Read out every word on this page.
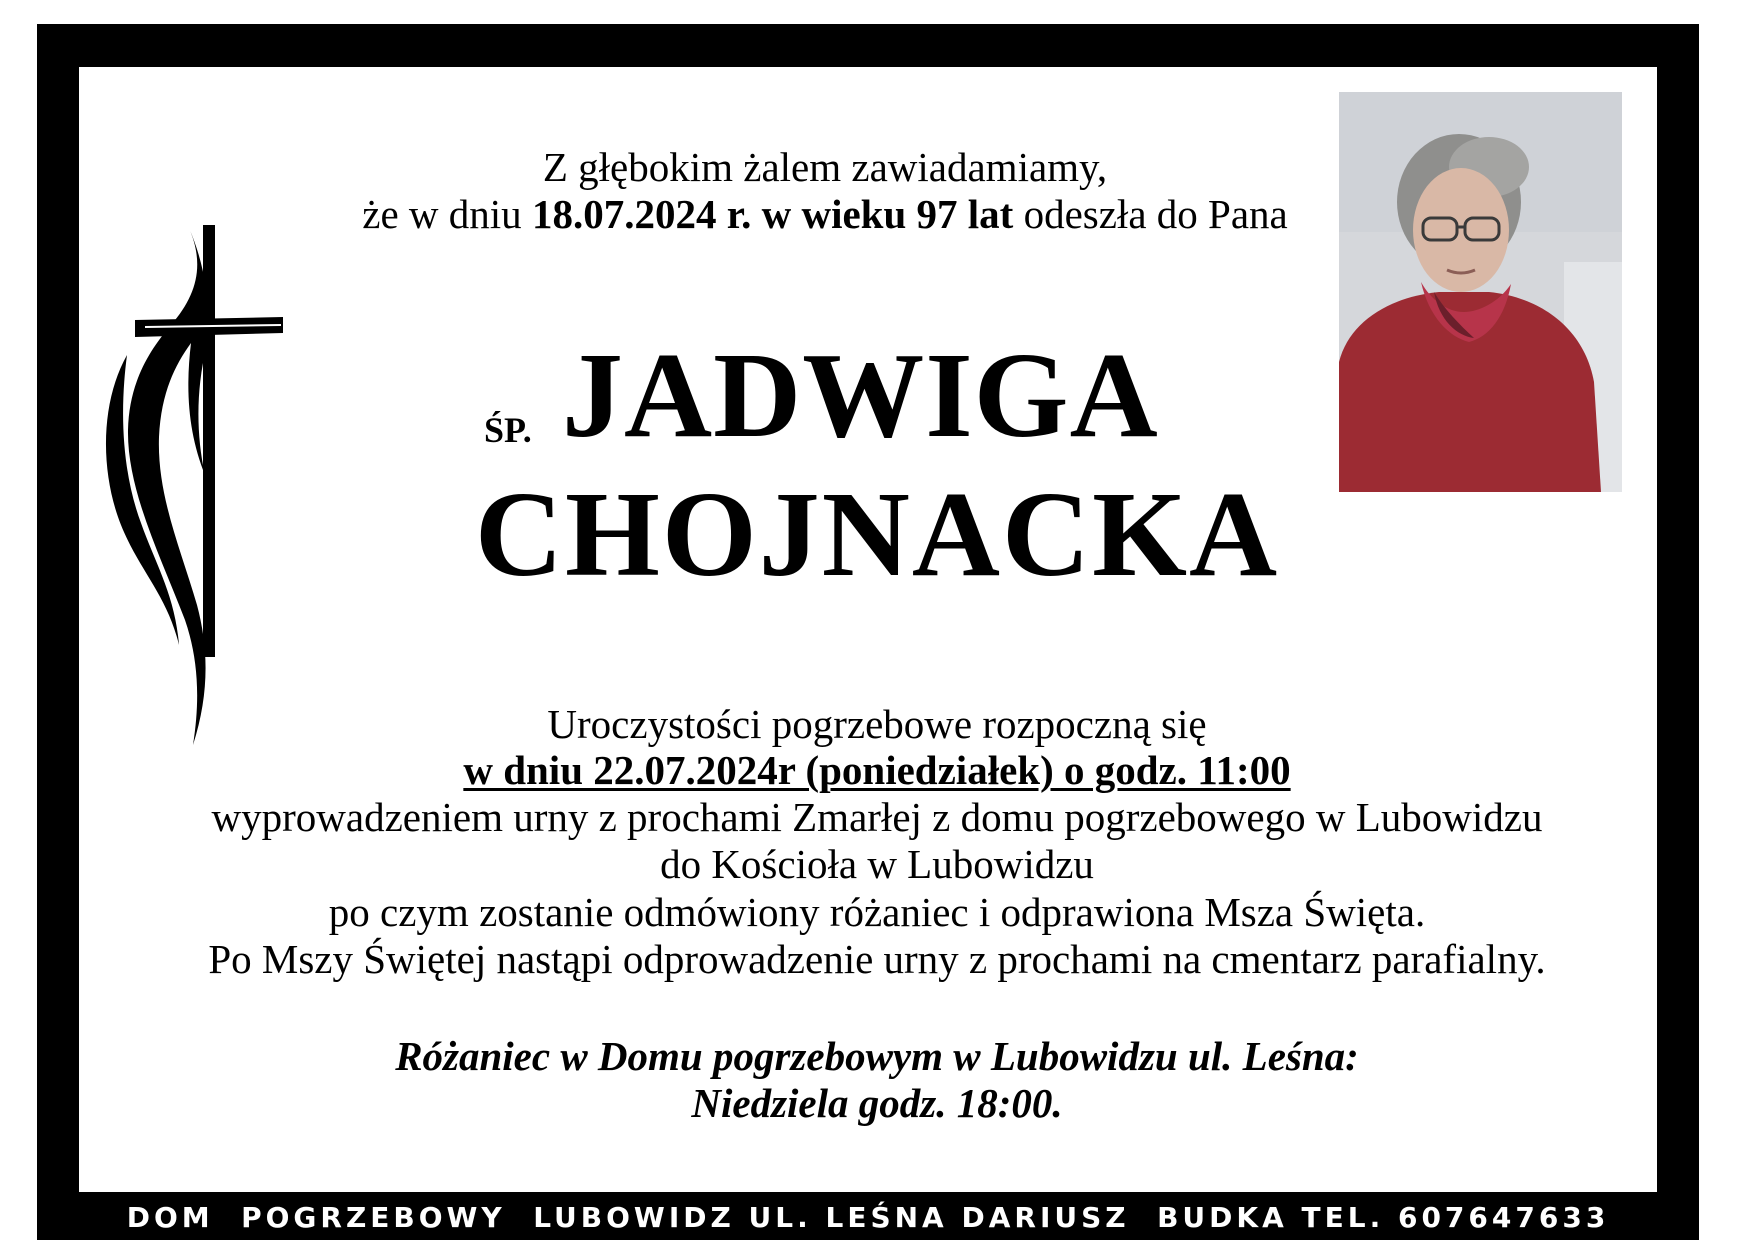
Z głębokim żalem zawiadamiamy,
że w dniu 18.07.2024 r. w wieku 97 lat odeszła do Pana
ŚP. JADWIGA
CHOJNACKA
Uroczystości pogrzebowe rozpoczną się
w dniu 22.07.2024r (poniedziałek) o godz. 11:00
wyprowadzeniem urny z prochami Zmarłej z domu pogrzebowego w Lubowidzu
do Kościoła w Lubowidzu
po czym zostanie odmówiony różaniec i odprawiona Msza Święta.
Po Mszy Świętej nastąpi odprowadzenie urny z prochami na cmentarz parafialny.
Różaniec w Domu pogrzebowym w Lubowidzu ul. Leśna:
Niedziela godz. 18:00.
DOM  POGRZEBOWY  LUBOWIDZ UL. LEŚNA DARIUSZ  BUDKA TEL. 607647633
